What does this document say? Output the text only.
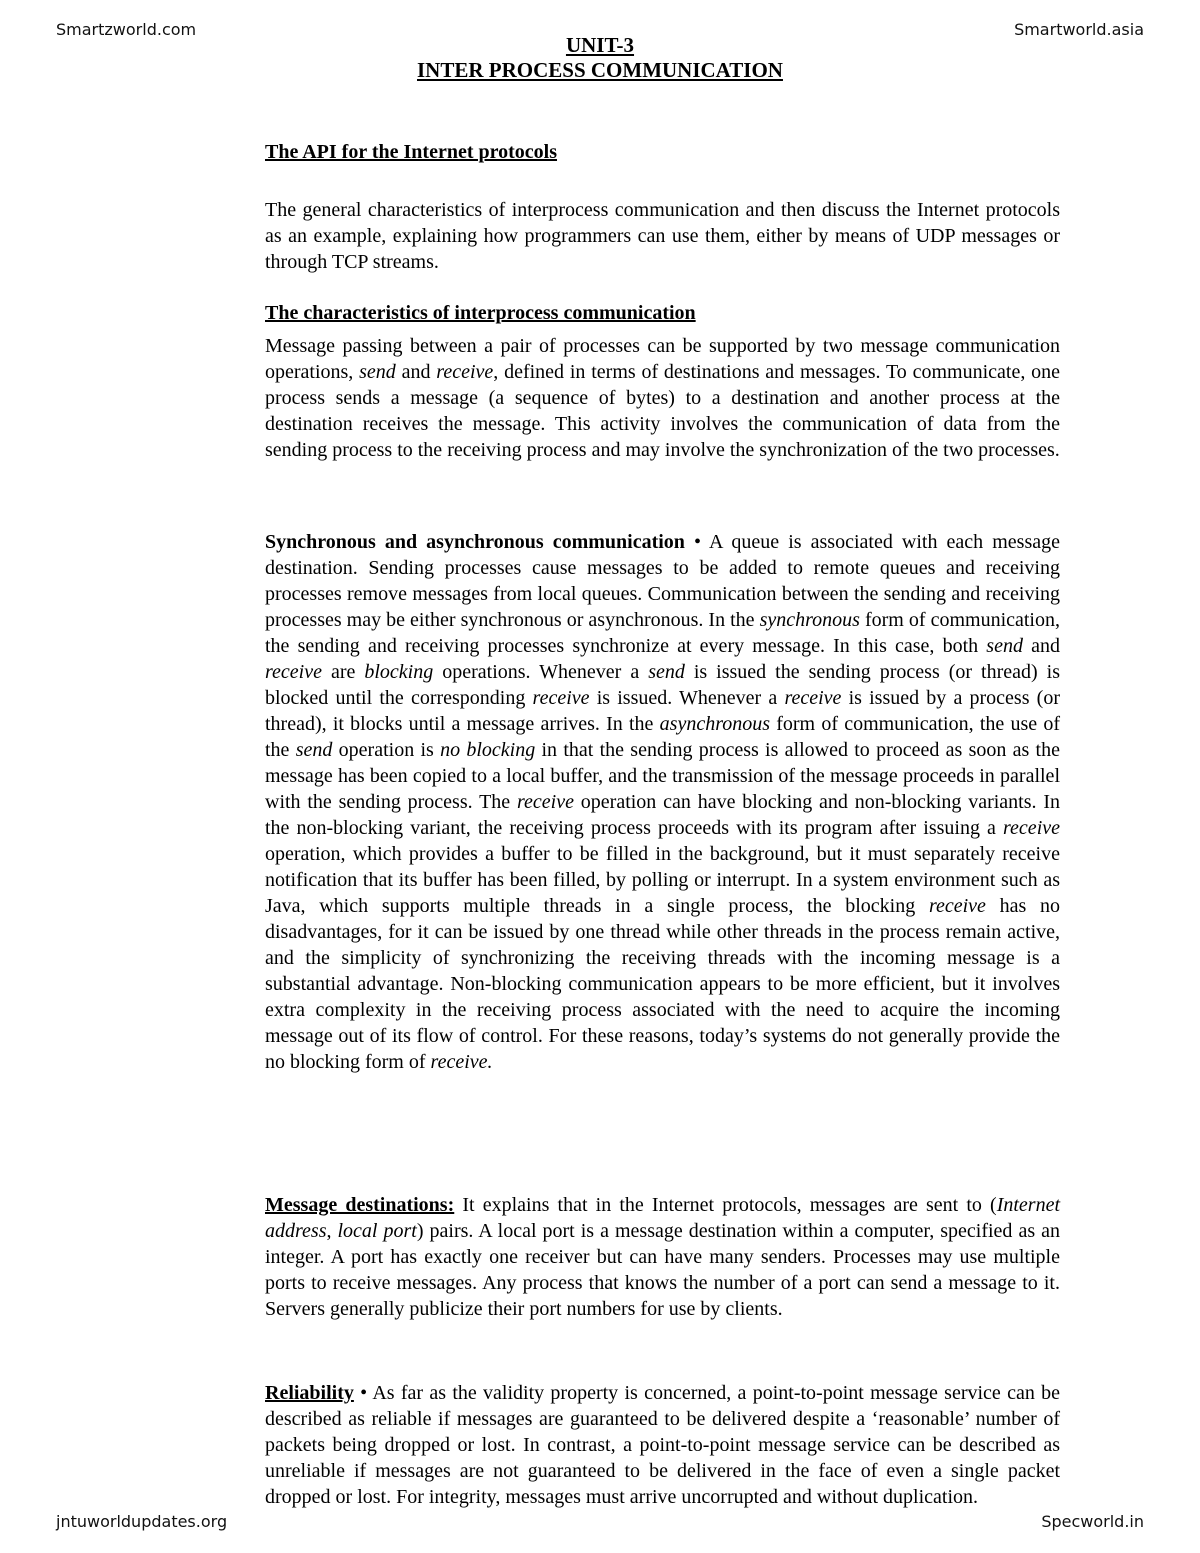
Smartzworld.com	Smartworld.asia
jntuworldupdates.org	Specworld.in
UNIT-3
INTER PROCESS COMMUNICATION
The API for the Internet protocols

The general characteristics of interprocess communication and then discuss the Internet protocols as an example, explaining how programmers can use them, either by means of UDP messages or through TCP streams.

The characteristics of interprocess communication

Message passing between a pair of processes can be supported by two message communication operations, send and receive, defined in terms of destinations and messages. To communicate, one process sends a message (a sequence of bytes) to a destination and another process at the destination receives the message. This activity involves the communication of data from the sending process to the receiving process and may involve the synchronization of the two processes.

Synchronous and asynchronous communication • A queue is associated with each message destination. Sending processes cause messages to be added to remote queues and receiving processes remove messages from local queues. Communication between the sending and receiving processes may be either synchronous or asynchronous. In the synchronous form of communication, the sending and receiving processes synchronize at every message. In this case, both send and receive are blocking operations. Whenever a send is issued the sending process (or thread) is blocked until the corresponding receive is issued. Whenever a receive is issued by a process (or thread), it blocks until a message arrives. In the asynchronous form of communication, the use of the send operation is no blocking in that the sending process is allowed to proceed as soon as the message has been copied to a local buffer, and the transmission of the message proceeds in parallel with the sending process. The receive operation can have blocking and non-blocking variants. In the non-blocking variant, the receiving process proceeds with its program after issuing a receive operation, which provides a buffer to be filled in the background, but it must separately receive notification that its buffer has been filled, by polling or interrupt. In a system environment such as Java, which supports multiple threads in a single process, the blocking receive has no disadvantages, for it can be issued by one thread while other threads in the process remain active, and the simplicity of synchronizing the receiving threads with the incoming message is a substantial advantage. Non-blocking communication appears to be more efficient, but it involves extra complexity in the receiving process associated with the need to acquire the incoming message out of its flow of control. For these reasons, today’s systems do not generally provide the no blocking form of receive.

Message destinations: It explains that in the Internet protocols, messages are sent to (Internet address, local port) pairs. A local port is a message destination within a computer, specified as an integer. A port has exactly one receiver but can have many senders. Processes may use multiple ports to receive messages. Any process that knows the number of a port can send a message to it. Servers generally publicize their port numbers for use by clients.

Reliability • As far as the validity property is concerned, a point-to-point message service can be described as reliable if messages are guaranteed to be delivered despite a ‘reasonable’ number of packets being dropped or lost. In contrast, a point-to-point message service can be described as unreliable if messages are not guaranteed to be delivered in the face of even a single packet dropped or lost. For integrity, messages must arrive uncorrupted and without duplication.
